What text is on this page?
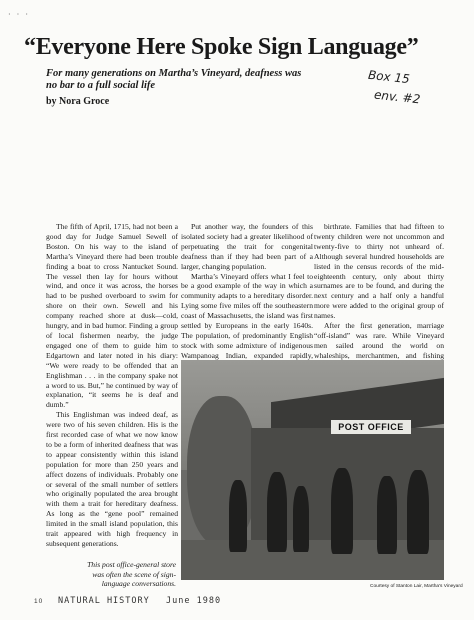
· · ·
“Everyone Here Spoke Sign Language”
For many generations on Martha’s Vineyard, deafness was no bar to a full social life
by Nora Groce
Box 15
env. #2

The fifth of April, 1715, had not been a good day for Judge Samuel Sewell of Boston. On his way to the island of Martha’s Vineyard there had been trouble finding a boat to cross Nantucket Sound. The vessel then lay for hours without wind, and once it was across, the horses had to be pushed overboard to swim for shore on their own. Sewell and his company reached shore at dusk—cold, hungry, and in bad humor. Finding a group of local fishermen nearby, the judge engaged one of them to guide him to Edgartown and later noted in his diary: “We were ready to be offended that an Englishman . . . in the company spake not a word to us. But,” he continued by way of explanation, “it seems he is deaf and dumb.”

This Englishman was indeed deaf, as were two of his seven children. His is the first recorded case of what we now know to be a form of inherited deafness that was to appear consistently within this island population for more than 250 years and affect dozens of individuals. Probably one or several of the small number of settlers who originally populated the area brought with them a trait for hereditary deafness. As long as the “gene pool” remained limited in the small island population, this trait appeared with high frequency in subsequent generations.

Put another way, the founders of this isolated society had a greater likelihood of perpetuating the trait for congenital deafness than if they had been part of a larger, changing population.

Martha’s Vineyard offers what I feel to be a good example of the way in which a community adapts to a hereditary disorder. Lying some five miles off the southeastern coast of Massachusetts, the island was first settled by Europeans in the early 1640s. The population, of predominantly English stock with some admixture of indigenous Wampanoag Indian, expanded rapidly,

birthrate. Families that had fifteen to twenty children were not uncommon and twenty-five to thirty not unheard of. Although several hundred households are listed in the census records of the mid-eighteenth century, only about thirty surnames are to be found, and during the next century and a half only a handful more were added to the original group of names.

After the first generation, marriage “off-island” was rare. While Vineyard men sailed around the world on whaleships, merchantmen, and fishing

POST OFFICE
This post office-general store was often the scene of sign-language conversations.	Courtesy of Stanton Lair, Martha’s Vineyard
10 NATURAL HISTORY June 1980
